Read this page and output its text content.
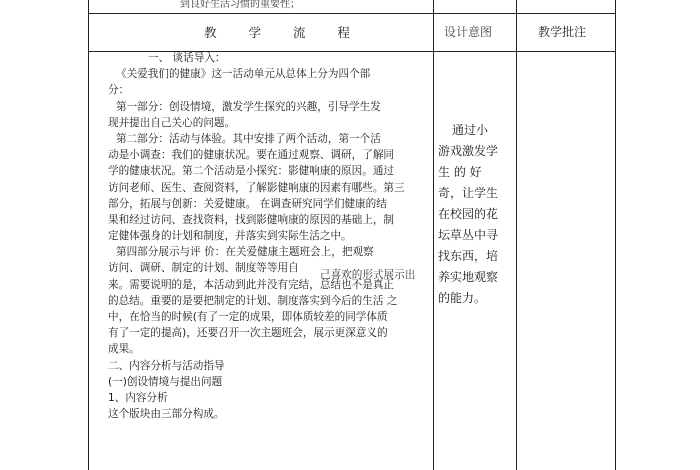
到良好生活习惯的重要性；
教 学 流 程	设计意图	教学批注
一、 谈话导入：
《关爱我们的健康》这一活动单元从总体上分为四个部
分：
第一部分：创设情境，激发学生探究的兴趣，引导学生发
现并提出自己关心的问题。
第二部分：活动与体验。其中安排了两个活动，第一个活
动是小调查：我们的健康状况。要在通过观察、调研，了解同
学的健康状况。第二个活动是小探究：影健响康的原因。通过
访问老师、医生、查阅资料，了解影健响康的因素有哪些。第三
部分，拓展与创新：关爱健康。 在调查研究同学们健康的结
果和经过访问、查找资料，找到影健响康的原因的基础上，制
定健体强身的计划和制度，并落实到实际生活之中。
第四部分展示与评 价：在关爱健康主题班会上，把观察
访问、调研、制定的计划、制度等等用自
己喜欢的形式展示出
来。需要说明的是，本活动到此并没有完结，总结也不是真正
的总结。重要的是要把制定的计划、制度落实到今后的生活 之
中，在恰当的时候(有了一定的成果，即体质较差的同学体质
有了一定的提高)，还要召开一次主题班会，展示更深意义的
成果。
二、内容分析与活动指导
(一)创设情境与提出问题
1、内容分析
这个版块由三部分构成。
通过小
游戏激发学
生 的 好
奇，让学生
在校园的花
坛草丛中寻
找东西，培
养实地观察
的能力。
